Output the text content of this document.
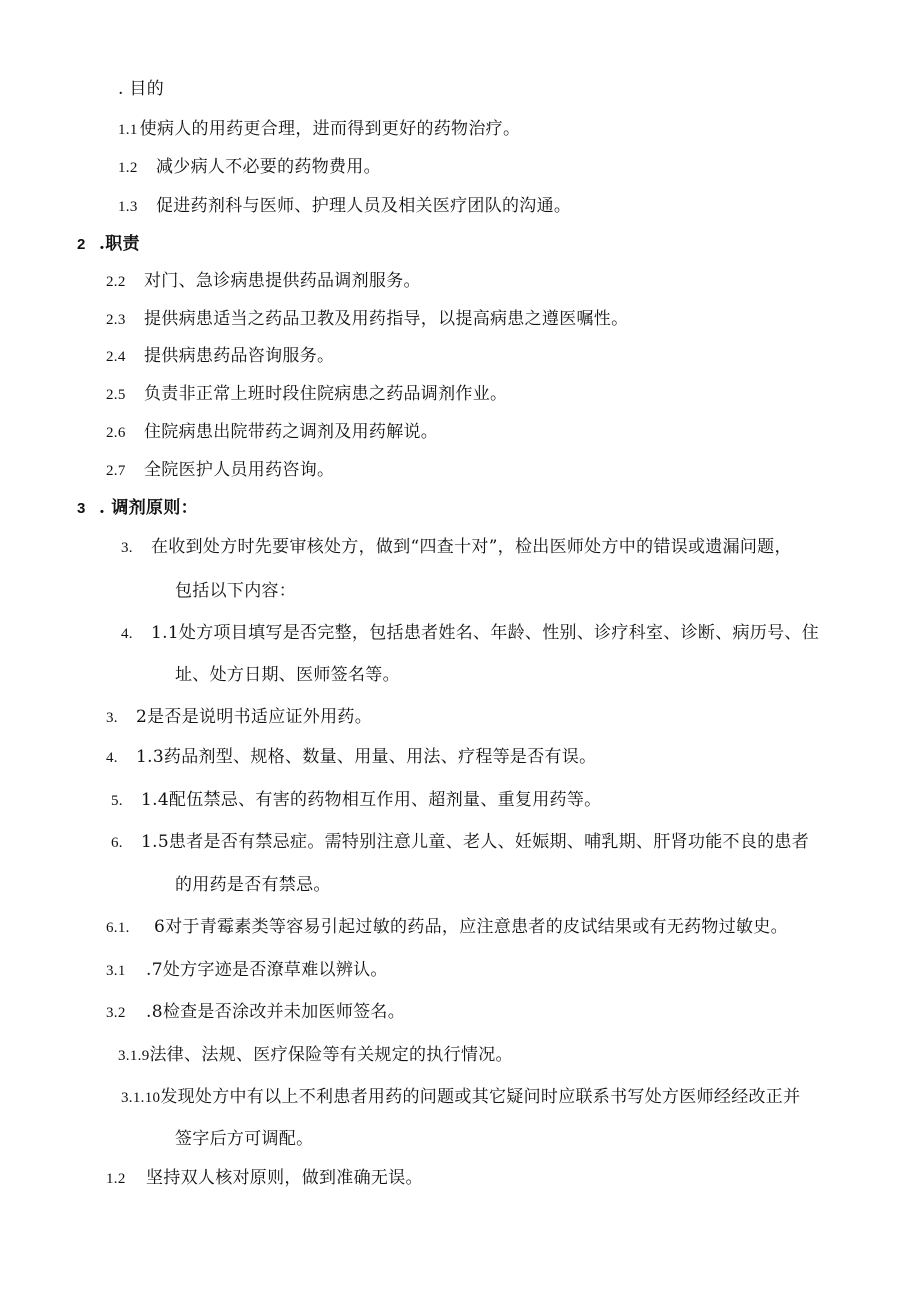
. 目的
1.1 使病人的用药更合理，进而得到更好的药物治疗。
1.2 减少病人不必要的药物费用。
1.3 促进药剂科与医师、护理人员及相关医疗团队的沟通。
2 .职责
2.2 对门、急诊病患提供药品调剂服务。
2.3 提供病患适当之药品卫教及用药指导，以提高病患之遵医嘱性。
2.4 提供病患药品咨询服务。
2.5 负责非正常上班时段住院病患之药品调剂作业。
2.6 住院病患出院带药之调剂及用药解说。
2.7 全院医护人员用药咨询。
3 . 调剂原则：
3. 在收到处方时先要审核处方，做到“四查十对”，检出医师处方中的错误或遗漏问题，
包括以下内容：
4. 1.1处方项目填写是否完整，包括患者姓名、年龄、性别、诊疗科室、诊断、病历号、住
址、处方日期、医师签名等。
3. 2是否是说明书适应证外用药。
4. 1.3药品剂型、规格、数量、用量、用法、疗程等是否有误。
5. 1.4配伍禁忌、有害的药物相互作用、超剂量、重复用药等。
6. 1.5患者是否有禁忌症。需特别注意儿童、老人、妊娠期、哺乳期、肝肾功能不良的患者
的用药是否有禁忌。
6.1. 6对于青霉素类等容易引起过敏的药品，应注意患者的皮试结果或有无药物过敏史。
3.1 .7处方字迹是否潦草难以辨认。
3.2 .8检查是否涂改并未加医师签名。
3.1.9法律、法规、医疗保险等有关规定的执行情况。
3.1.10发现处方中有以上不利患者用药的问题或其它疑问时应联系书写处方医师经经改正并
签字后方可调配。
1.2 坚持双人核对原则，做到准确无误。
